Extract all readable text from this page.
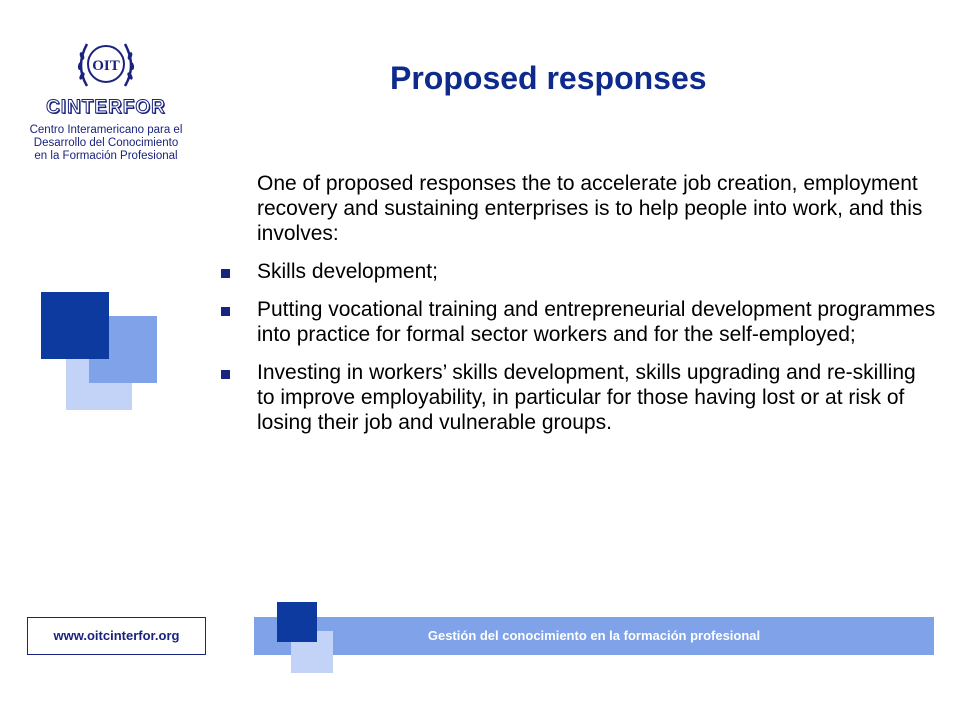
OIT
CINTERFOR
Centro Interamericano para el
Desarrollo del Conocimiento
en la Formación Profesional
Proposed responses

One of proposed responses the to accelerate job creation, employment recovery and sustaining enterprises is to help people into work, and this involves:

Skills development;
Putting vocational training and entrepreneurial development programmes into practice for formal sector workers and for the self-employed;
Investing in workers’ skills development, skills upgrading and re-skilling to improve employability, in particular for those having lost or at risk of losing their job and vulnerable groups.
www.oitcinterfor.org	Gestión del conocimiento en la formación profesional
